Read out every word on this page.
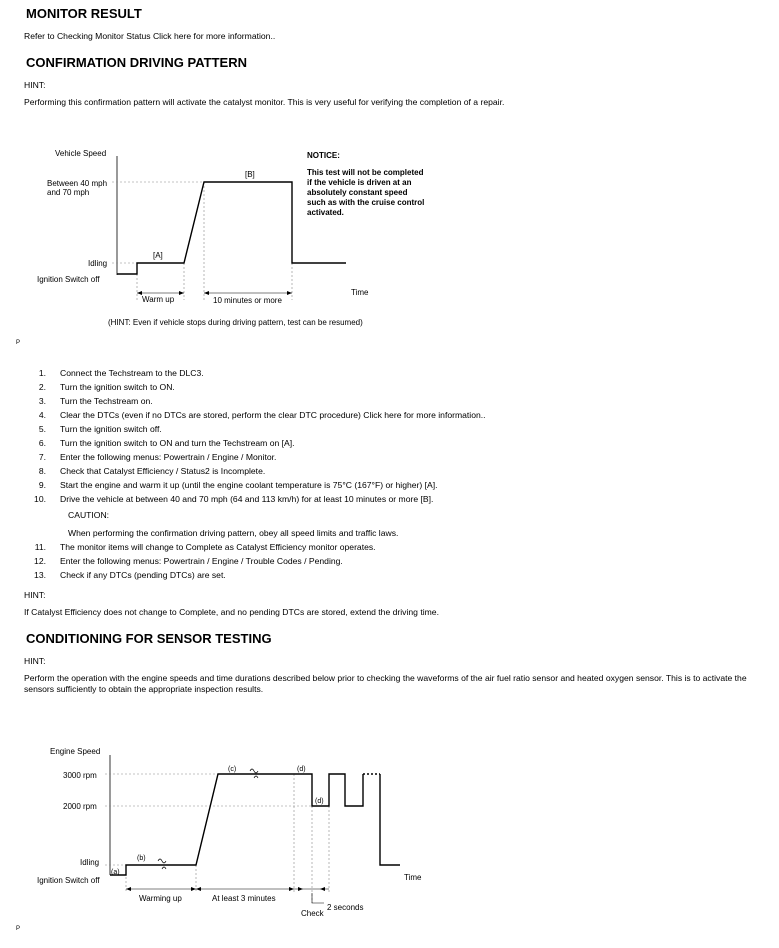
MONITOR RESULT
Refer to Checking Monitor Status Click here for more information..
CONFIRMATION DRIVING PATTERN
HINT:
Performing this confirmation pattern will activate the catalyst monitor. This is very useful for verifying the completion of a repair.
Vehicle Speed
Between 40 mph
and 70 mph
Idling
Ignition Switch off
[A]
[B]
Time
Warm up	10 minutes or more
NOTICE:
This test will not be completed
if the vehicle is driven at an
absolutely constant speed
such as with the cruise control
activated.
(HINT: Even if vehicle stops during driving pattern, test can be resumed)
P
1. Connect the Techstream to the DLC3.
2. Turn the ignition switch to ON.
3. Turn the Techstream on.
4. Clear the DTCs (even if no DTCs are stored, perform the clear DTC procedure) Click here for more information..
5. Turn the ignition switch off.
6. Turn the ignition switch to ON and turn the Techstream on [A].
7. Enter the following menus: Powertrain / Engine / Monitor.
8. Check that Catalyst Efficiency / Status2 is Incomplete.
9. Start the engine and warm it up (until the engine coolant temperature is 75°C (167°F) or higher) [A].
10. Drive the vehicle at between 40 and 70 mph (64 and 113 km/h) for at least 10 minutes or more [B].
CAUTION:
When performing the confirmation driving pattern, obey all speed limits and traffic laws.
11. The monitor items will change to Complete as Catalyst Efficiency monitor operates.
12. Enter the following menus: Powertrain / Engine / Trouble Codes / Pending.
13. Check if any DTCs (pending DTCs) are set.
HINT:
If Catalyst Efficiency does not change to Complete, and no pending DTCs are stored, extend the driving time.
CONDITIONING FOR SENSOR TESTING
HINT:
Perform the operation with the engine speeds and time durations described below prior to checking the waveforms of the air fuel ratio sensor and heated oxygen sensor. This is to activate the
sensors sufficiently to obtain the appropriate inspection results.
Engine Speed
3000 rpm
2000 rpm
Idling
Ignition Switch off
(a)
(b)
(c)	(d)
(d)
Time
Warming up	At least 3 minutes
Check
2 seconds
P
